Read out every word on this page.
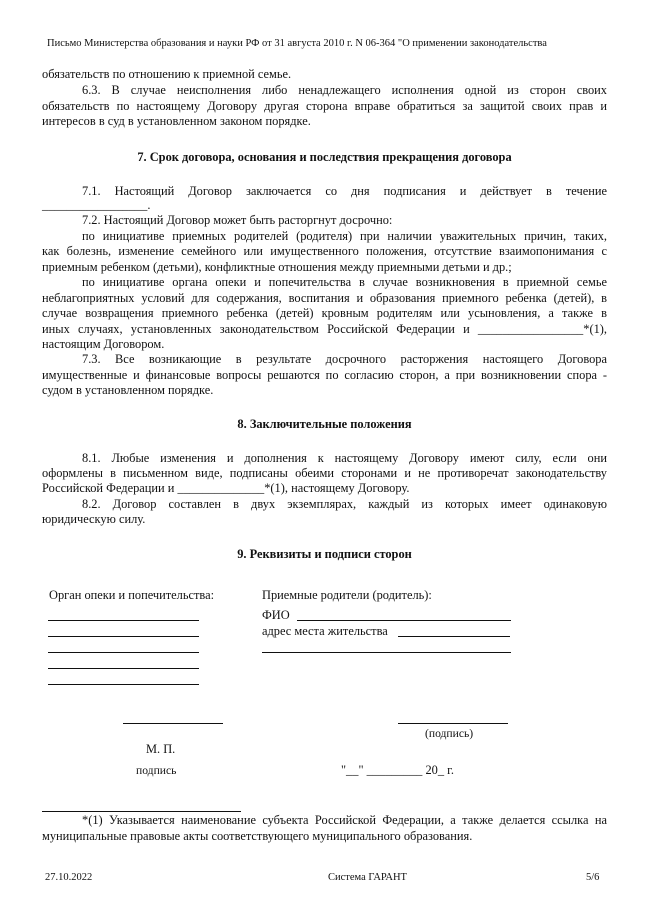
Письмо Министерства образования и науки РФ от 31 августа 2010 г. N 06-364 "О применении законодательства
обязательств по отношению к приемной семье.
6.3. В случае неисполнения либо ненадлежащего исполнения одной из сторон своих
обязательств по настоящему Договору другая сторона вправе обратиться за защитой своих прав и
интересов в суд в установленном законом порядке.
7. Срок договора, основания и последствия прекращения договора
7.1. Настоящий Договор заключается со дня подписания и действует в течение
_________________.
7.2. Настоящий Договор может быть расторгнут досрочно:
по инициативе приемных родителей (родителя) при наличии уважительных причин, таких,
как болезнь, изменение семейного или имущественного положения, отсутствие взаимопонимания с
приемным ребенком (детьми), конфликтные отношения между приемными детьми и др.;
по инициативе органа опеки и попечительства в случае возникновения в приемной семье
неблагоприятных условий для содержания, воспитания и образования приемного ребенка (детей), в
случае возвращения приемного ребенка (детей) кровным родителям или усыновления, а также в
иных случаях, установленных законодательством Российской Федерации и _________________*(1),
настоящим Договором.
7.3. Все возникающие в результате досрочного расторжения настоящего Договора
имущественные и финансовые вопросы решаются по согласию сторон, а при возникновении спора -
судом в установленном порядке.
8. Заключительные положения
8.1. Любые изменения и дополнения к настоящему Договору имеют силу, если они
оформлены в письменном виде, подписаны обеими сторонами и не противоречат законодательству
Российской Федерации и ______________*(1), настоящему Договору.
8.2. Договор составлен в двух экземплярах, каждый из которых имеет одинаковую
юридическую силу.
9. Реквизиты и подписи сторон
Орган опеки и попечительства:	Приемные родители (родитель):
ФИО
адрес места жительства
(подпись)
М. П.
подпись	"__" _________ 20_ г.
*(1) Указывается наименование субъекта Российской Федерации, а также делается ссылка на
муниципальные правовые акты соответствующего муниципального образования.
27.10.2022	Система ГАРАНТ	5/6
